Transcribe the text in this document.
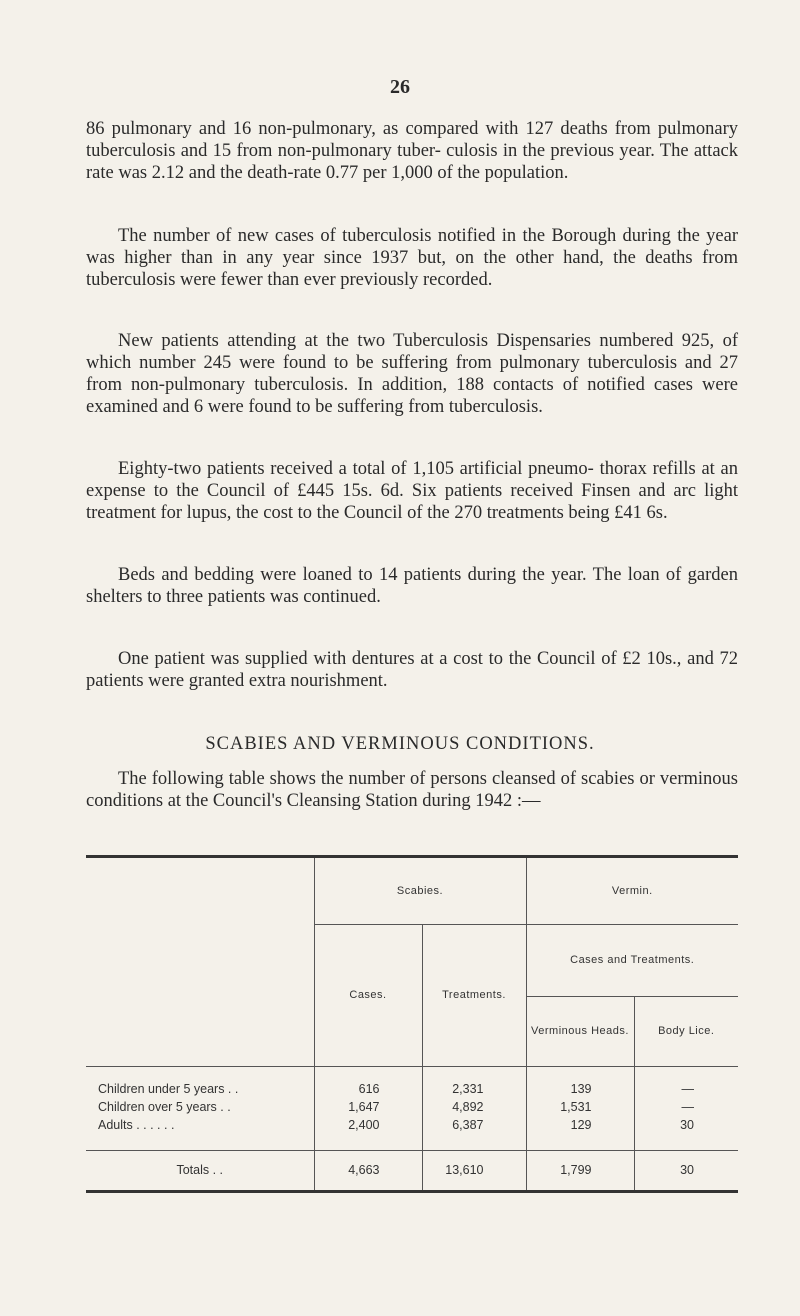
26

86 pulmonary and 16 non-pulmonary, as compared with 127 deaths from pulmonary tuberculosis and 15 from non-pulmonary tuber- culosis in the previous year. The attack rate was 2.12 and the death-rate 0.77 per 1,000 of the population.

The number of new cases of tuberculosis notified in the Borough during the year was higher than in any year since 1937 but, on the other hand, the deaths from tuberculosis were fewer than ever previously recorded.

New patients attending at the two Tuberculosis Dispensaries numbered 925, of which number 245 were found to be suffering from pulmonary tuberculosis and 27 from non-pulmonary tuberculosis. In addition, 188 contacts of notified cases were examined and 6 were found to be suffering from tuberculosis.

Eighty-two patients received a total of 1,105 artificial pneumo- thorax refills at an expense to the Council of £445 15s. 6d. Six patients received Finsen and arc light treatment for lupus, the cost to the Council of the 270 treatments being £41 6s.

Beds and bedding were loaned to 14 patients during the year. The loan of garden shelters to three patients was continued.

One patient was supplied with dentures at a cost to the Council of £2 10s., and 72 patients were granted extra nourishment.

SCABIES AND VERMINOUS CONDITIONS.

The following table shows the number of persons cleansed of scabies or verminous conditions at the Council's Cleansing Station during 1942 :—

	Scabies.		Vermin.	
	Cases.	Treatments.	Cases and Treatments.	
			Verminous Heads.	Body Lice.

Children under 5 years . .	616	2,331	139	—
Children over 5 years . .	1,647	4,892	1,531	—
Adults . . . . . .	2,400	6,387	129	30

Totals . .	4,663	13,610	1,799	30
